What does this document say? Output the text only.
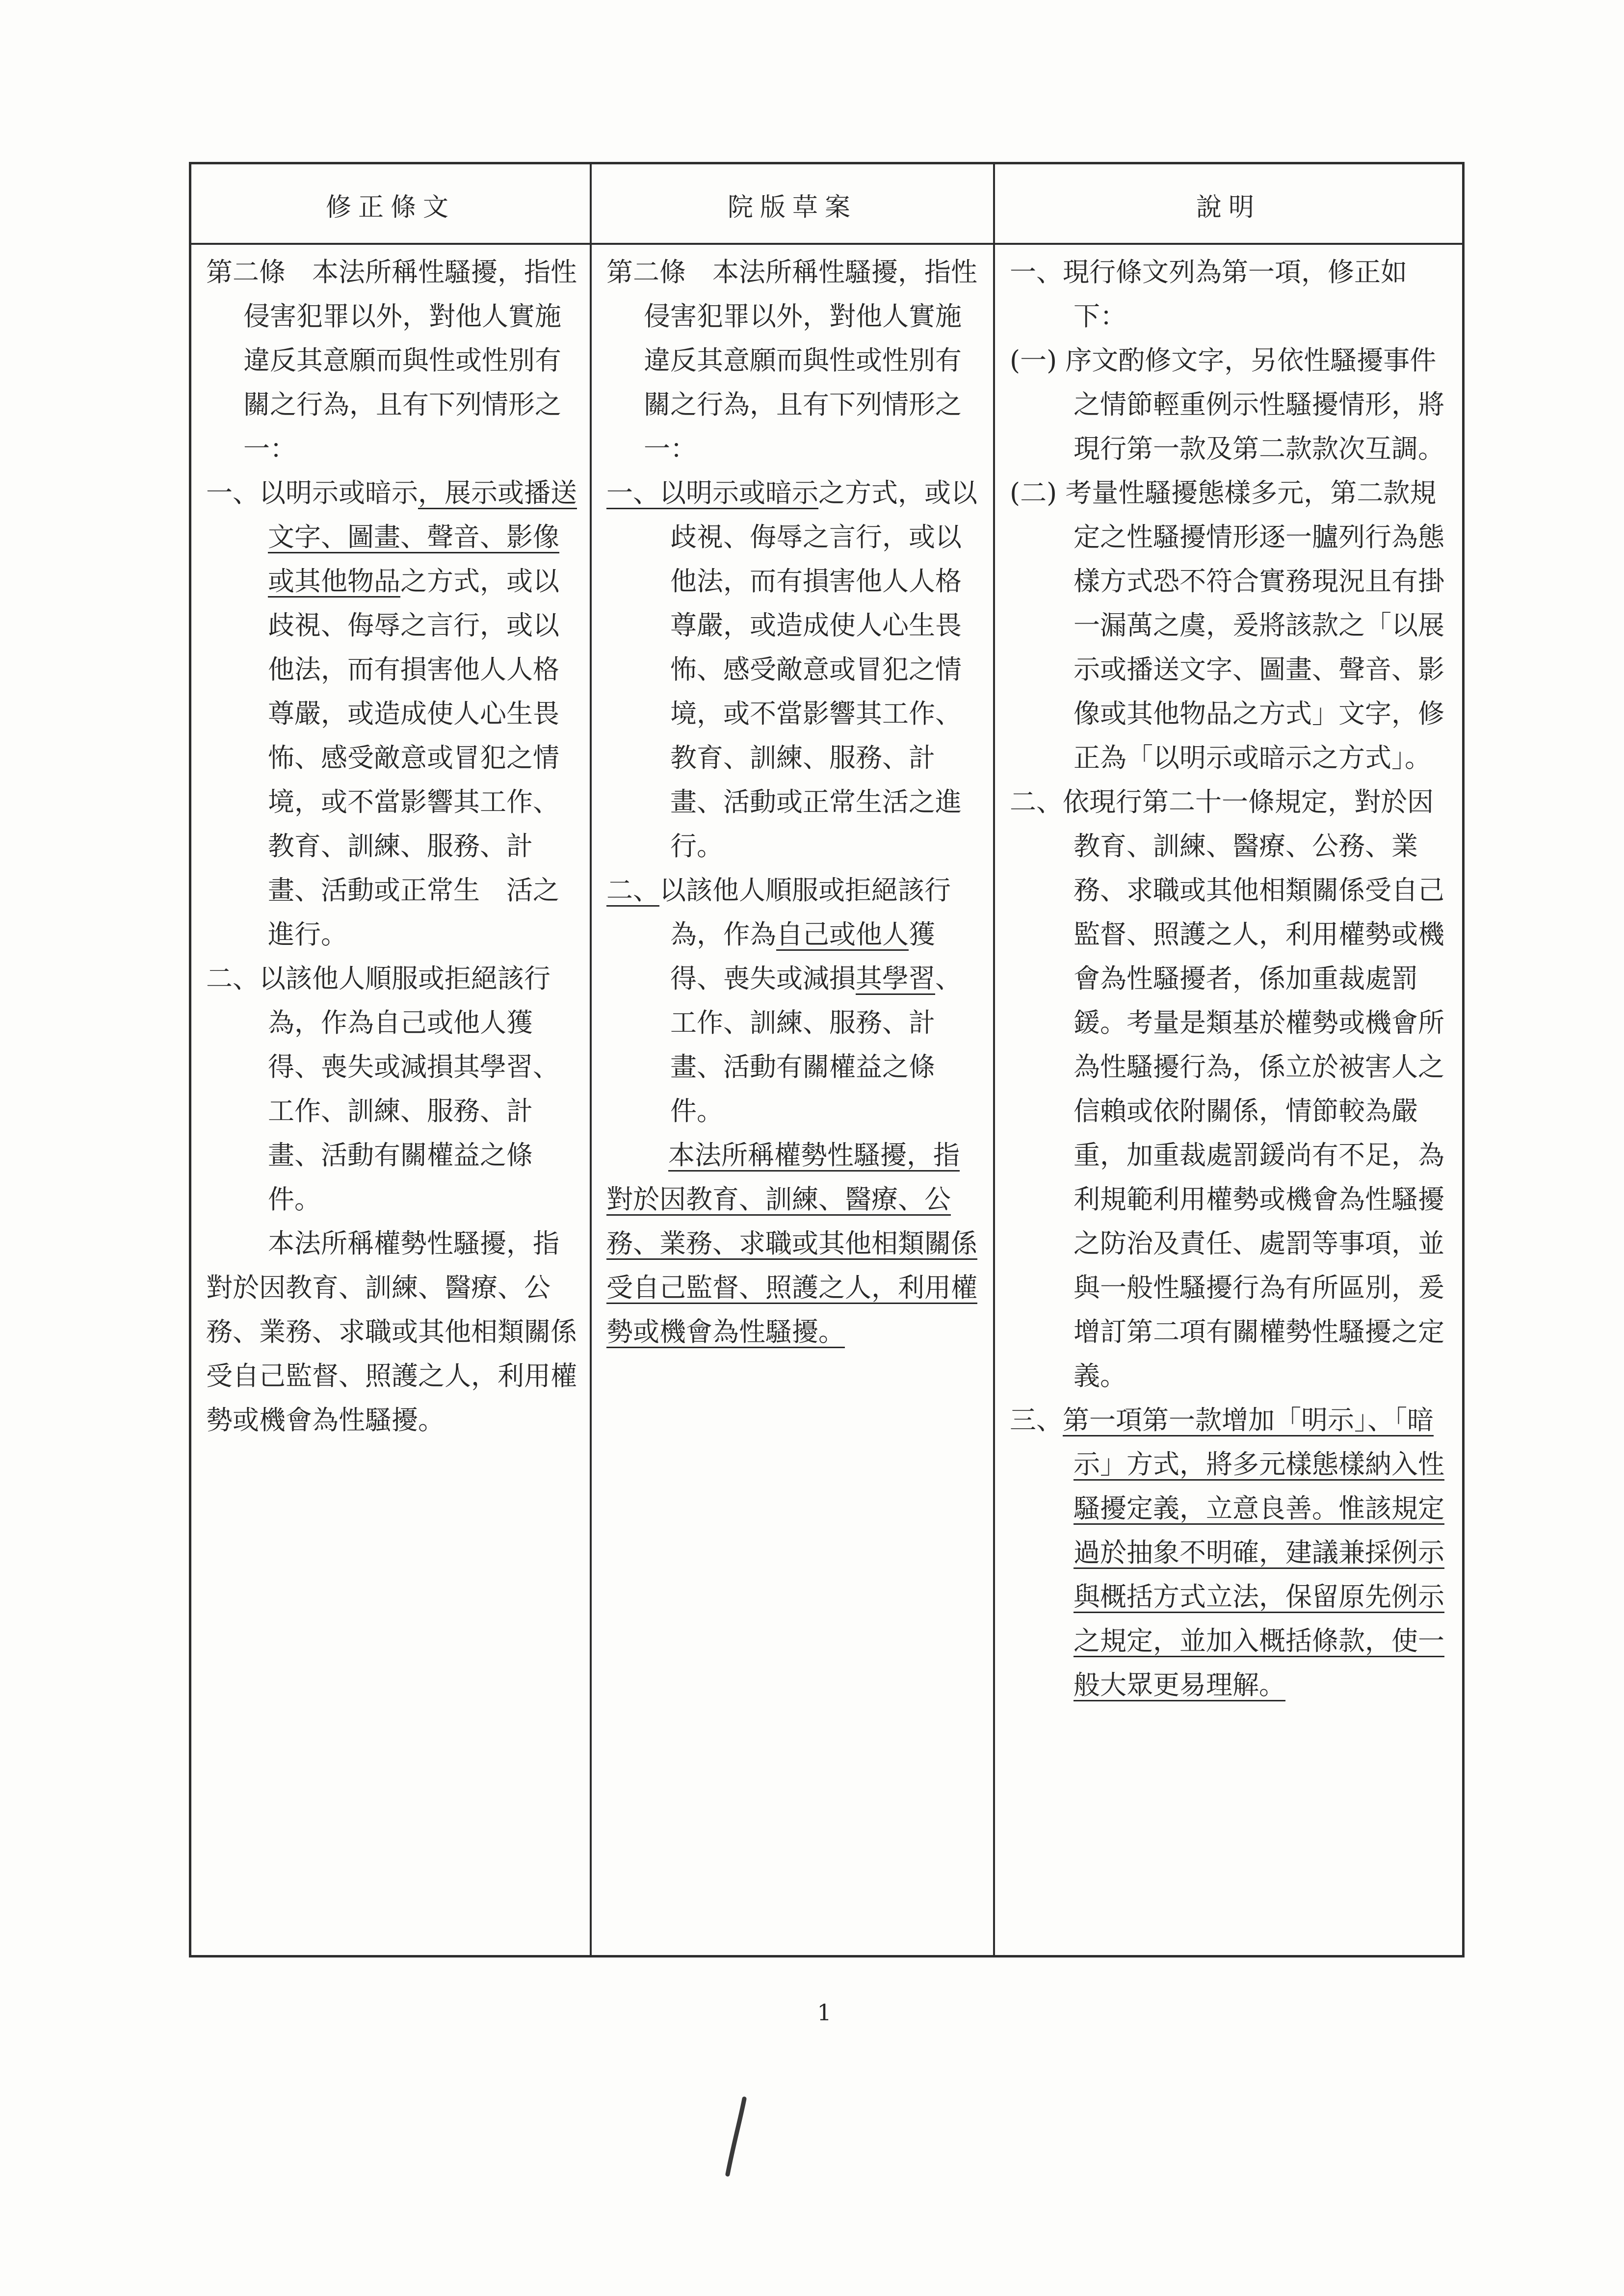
修正條文	院版草案	說明

第二條　本法所稱性騷擾，指性侵害犯罪以外，對他人實施違反其意願而與性或性別有關之行為，且有下列情形之一：

一、以明示或暗示，展示或播送文字、圖畫、聲音、影像或其他物品之方式，或以歧視、侮辱之言行，或以他法，而有損害他人人格尊嚴，或造成使人心生畏怖、感受敵意或冒犯之情境，或不當影響其工作、教育、訓練、服務、計畫、活動或正常生　活之進行。

二、以該他人順服或拒絕該行為，作為自己或他人獲得、喪失或減損其學習、工作、訓練、服務、計畫、活動有關權益之條件。

本法所稱權勢性騷擾，指對於因教育、訓練、醫療、公務、業務、求職或其他相類關係受自己監督、照護之人，利用權勢或機會為性騷擾。

第二條　本法所稱性騷擾，指性侵害犯罪以外，對他人實施違反其意願而與性或性別有關之行為，且有下列情形之一：

一、以明示或暗示之方式，或以歧視、侮辱之言行，或以他法，而有損害他人人格尊嚴，或造成使人心生畏怖、感受敵意或冒犯之情境，或不當影響其工作、教育、訓練、服務、計畫、活動或正常生活之進行。

二、以該他人順服或拒絕該行為，作為自己或他人獲得、喪失或減損其學習、工作、訓練、服務、計畫、活動有關權益之條件。

本法所稱權勢性騷擾，指對於因教育、訓練、醫療、公務、業務、求職或其他相類關係受自己監督、照護之人，利用權勢或機會為性騷擾。

一、現行條文列為第一項，修正如下：

(一) 序文酌修文字，另依性騷擾事件之情節輕重例示性騷擾情形，將現行第一款及第二款款次互調。

(二) 考量性騷擾態樣多元，第二款規定之性騷擾情形逐一臚列行為態樣方式恐不符合實務現況且有掛一漏萬之虞，爰將該款之「以展示或播送文字、圖畫、聲音、影像或其他物品之方式」文字，修正為「以明示或暗示之方式」。

二、依現行第二十一條規定，對於因教育、訓練、醫療、公務、業務、求職或其他相類關係受自己監督、照護之人，利用權勢或機會為性騷擾者，係加重裁處罰鍰。考量是類基於權勢或機會所為性騷擾行為，係立於被害人之信賴或依附關係，情節較為嚴重，加重裁處罰鍰尚有不足，為利規範利用權勢或機會為性騷擾之防治及責任、處罰等事項，並與一般性騷擾行為有所區別，爰增訂第二項有關權勢性騷擾之定義。

三、第一項第一款增加「明示」、「暗示」方式，將多元樣態樣納入性騷擾定義，立意良善。惟該規定過於抽象不明確，建議兼採例示與概括方式立法，保留原先例示之規定，並加入概括條款，使一般大眾更易理解。

1
